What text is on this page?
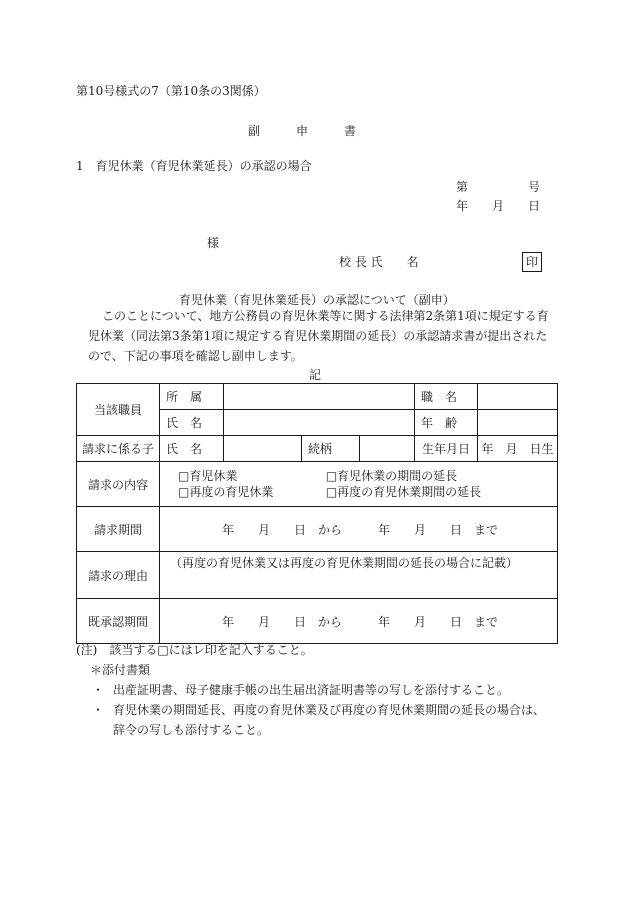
第10号様式の7（第10条の3関係）
副　　　申　　　書
1　育児休業（育児休業延長）の承認の場合
第　　　　　号
年　　月　　日
様
校 長 氏　　名	印
育児休業（育児休業延長）の承認について（副申）
このことについて、地方公務員の育児休業等に関する法律第2条第1項に規定する育児休業（同法第3条第1項に規定する育児休業期間の延長）の承認請求書が提出されたので、下記の事項を確認し副申します。
記
当該職員	所　属				職　名	
	氏　名				年　齢	
請求に係る子	氏　名		続柄		生年月日	年　月　日生
請求の内容	□育児休業 □育児休業の期間の延長
□再度の育児休業 □再度の育児休業期間の延長					

請求期間	年　　月　　日　から　　　年　　月　　日　まで					
請求の理由	（再度の育児休業又は再度の育児休業期間の延長の場合に記載）					
既承認期間	年　　月　　日　から　　　年　　月　　日　まで					
(注)　該当する□にはレ印を記入すること。
＊添付書類
・ 出産証明書、母子健康手帳の出生届出済証明書等の写しを添付すること。
・ 育児休業の期間延長、再度の育児休業及び再度の育児休業期間の延長の場合は、辞令の写しも添付すること。
